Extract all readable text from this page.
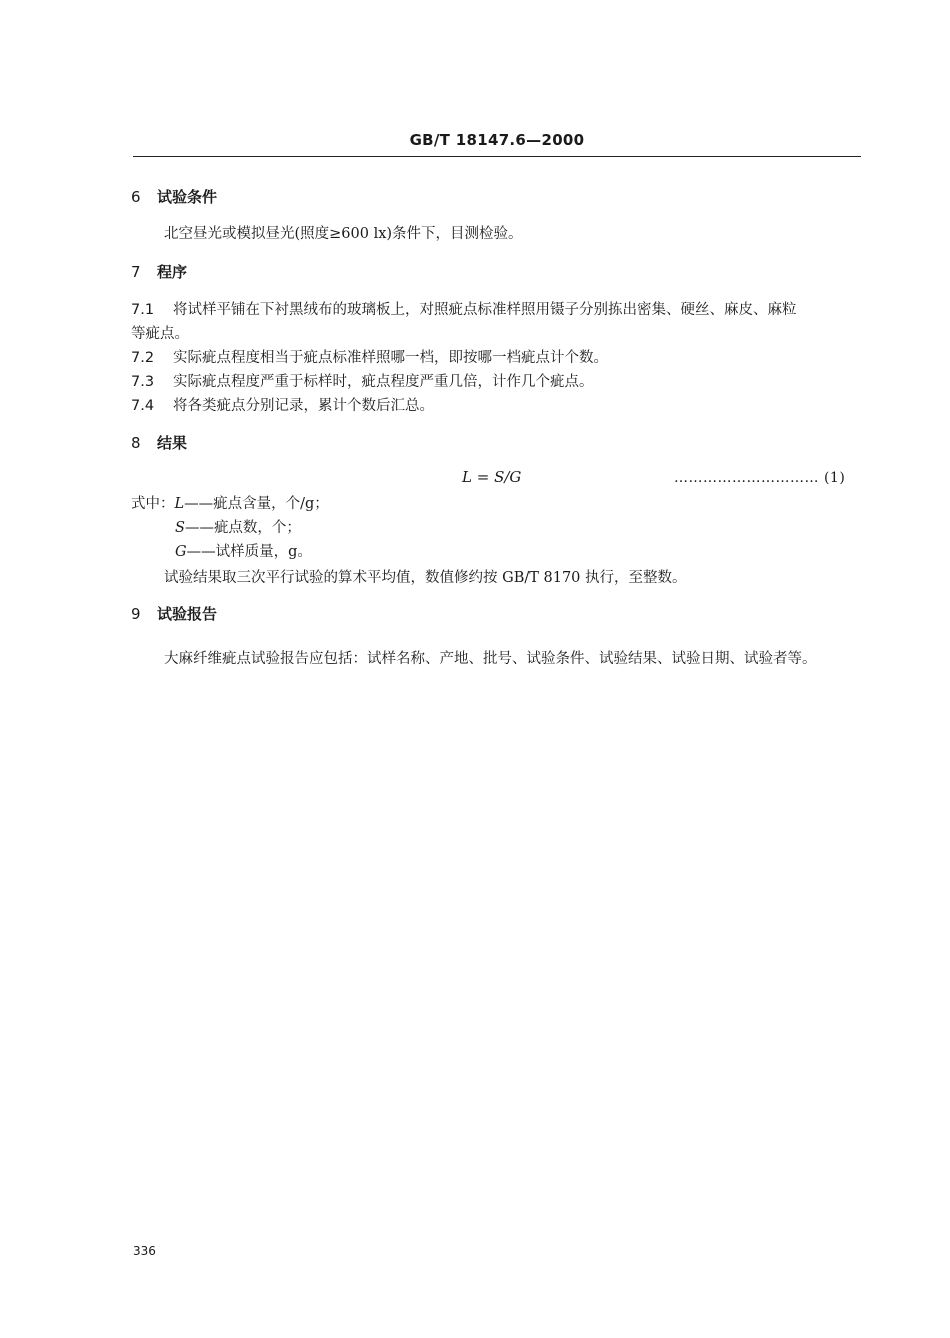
GB/T 18147.6—2000
6 试验条件
北空昼光或模拟昼光(照度≥600 lx)条件下，目测检验。
7 程序
7.1 将试样平铺在下衬黑绒布的玻璃板上，对照疵点标准样照用镊子分别拣出密集、硬丝、麻皮、麻粒
等疵点。
7.2 实际疵点程度相当于疵点标准样照哪一档，即按哪一档疵点计个数。
7.3 实际疵点程度严重于标样时，疵点程度严重几倍，计作几个疵点。
7.4 将各类疵点分别记录，累计个数后汇总。
8 结果
L = S/G	………………………… (1)
式中：L——疵点含量，个/g；
S——疵点数，个；
G——试样质量，g。
试验结果取三次平行试验的算术平均值，数值修约按 GB/T 8170 执行，至整数。
9 试验报告
大麻纤维疵点试验报告应包括：试样名称、产地、批号、试验条件、试验结果、试验日期、试验者等。
336
